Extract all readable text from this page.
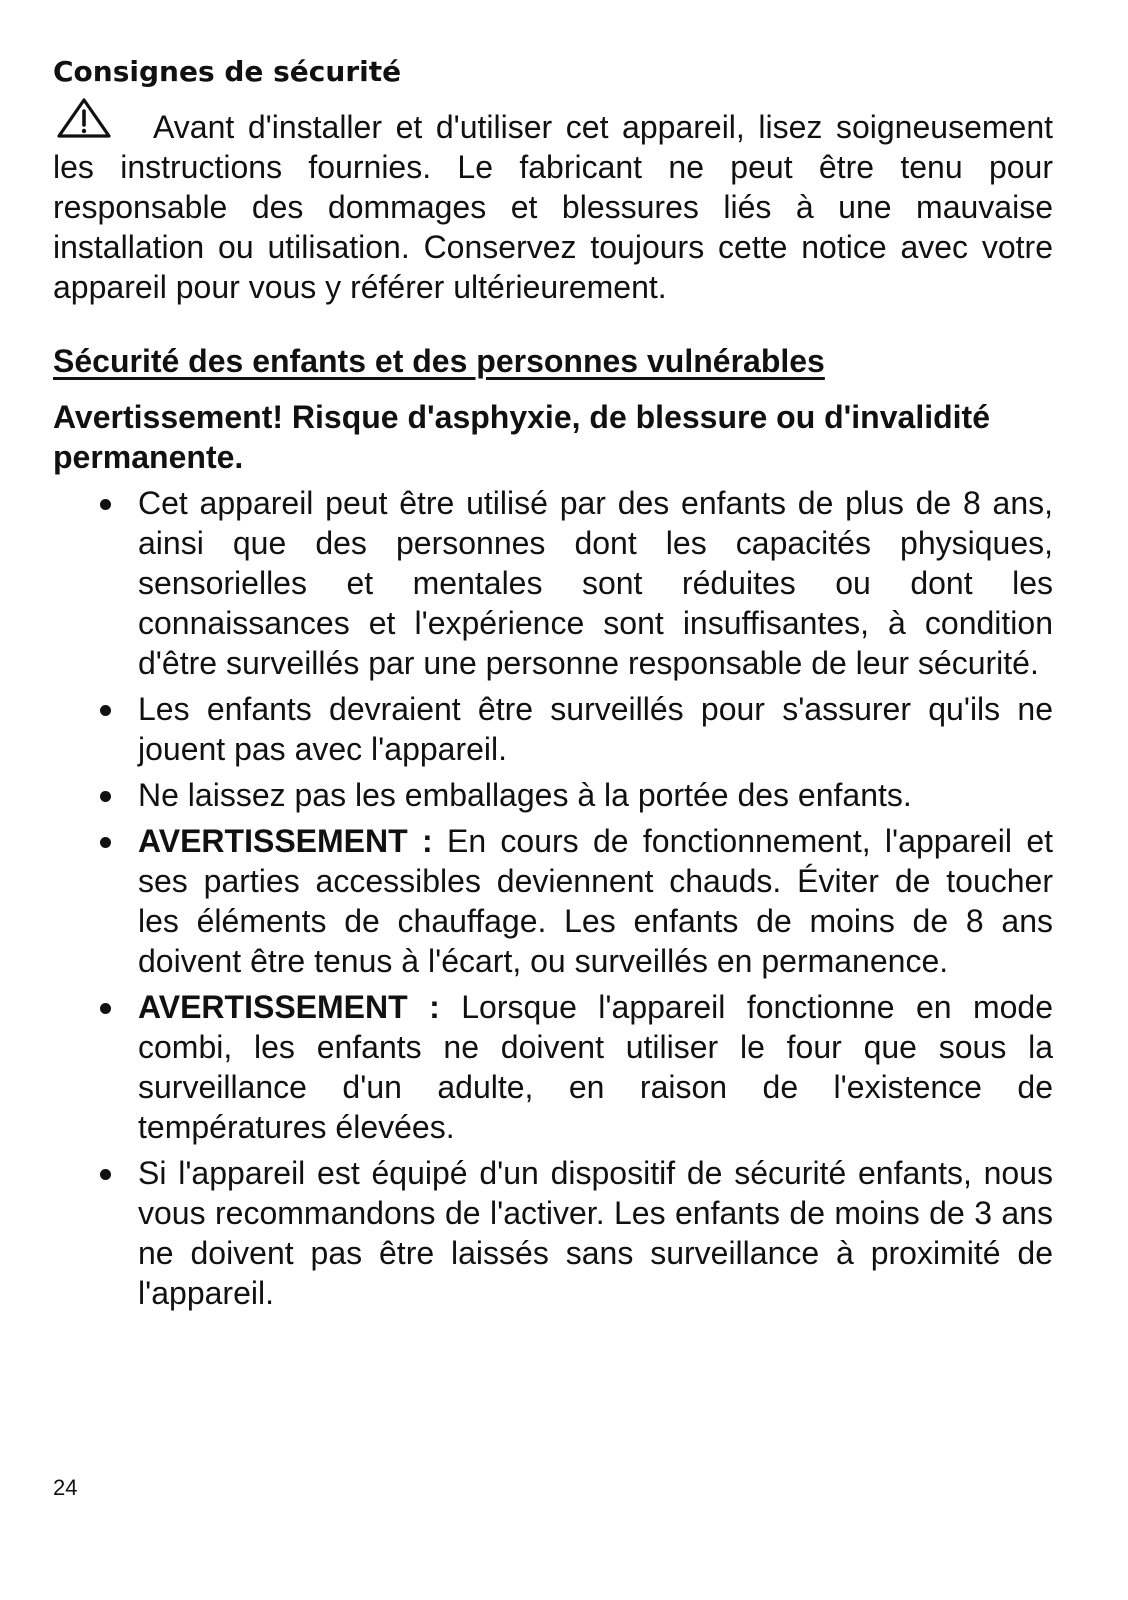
Consignes de sécurité

Avant d'installer et d'utiliser cet appareil, lisez soigneusement les instructions fournies. Le fabricant ne peut être tenu pour responsable des dommages et blessures liés à une mauvaise installation ou utilisation. Conservez toujours cette notice avec votre appareil pour vous y référer ultérieurement.

Sécurité des enfants et des personnes vulnérables

Avertissement! Risque d'asphyxie, de blessure ou d'invalidité permanente.

Cet appareil peut être utilisé par des enfants de plus de 8 ans, ainsi que des personnes dont les capacités physiques, sensorielles et mentales sont réduites ou dont les connaissances et l'expérience sont insuffisantes, à condition d'être surveillés par une personne responsable de leur sécurité.
Les enfants devraient être surveillés pour s'assurer qu'ils ne jouent pas avec l'appareil.
Ne laissez pas les emballages à la portée des enfants.
AVERTISSEMENT : En cours de fonctionnement, l'appareil et ses parties accessibles deviennent chauds. Éviter de toucher les éléments de chauffage. Les enfants de moins de 8 ans doivent être tenus à l'écart, ou surveillés en permanence.
AVERTISSEMENT : Lorsque l'appareil fonctionne en mode combi, les enfants ne doivent utiliser le four que sous la surveillance d'un adulte, en raison de l'existence de températures élevées.
Si l'appareil est équipé d'un dispositif de sécurité enfants, nous vous recommandons de l'activer. Les enfants de moins de 3 ans ne doivent pas être laissés sans surveillance à proximité de l'appareil.
24
